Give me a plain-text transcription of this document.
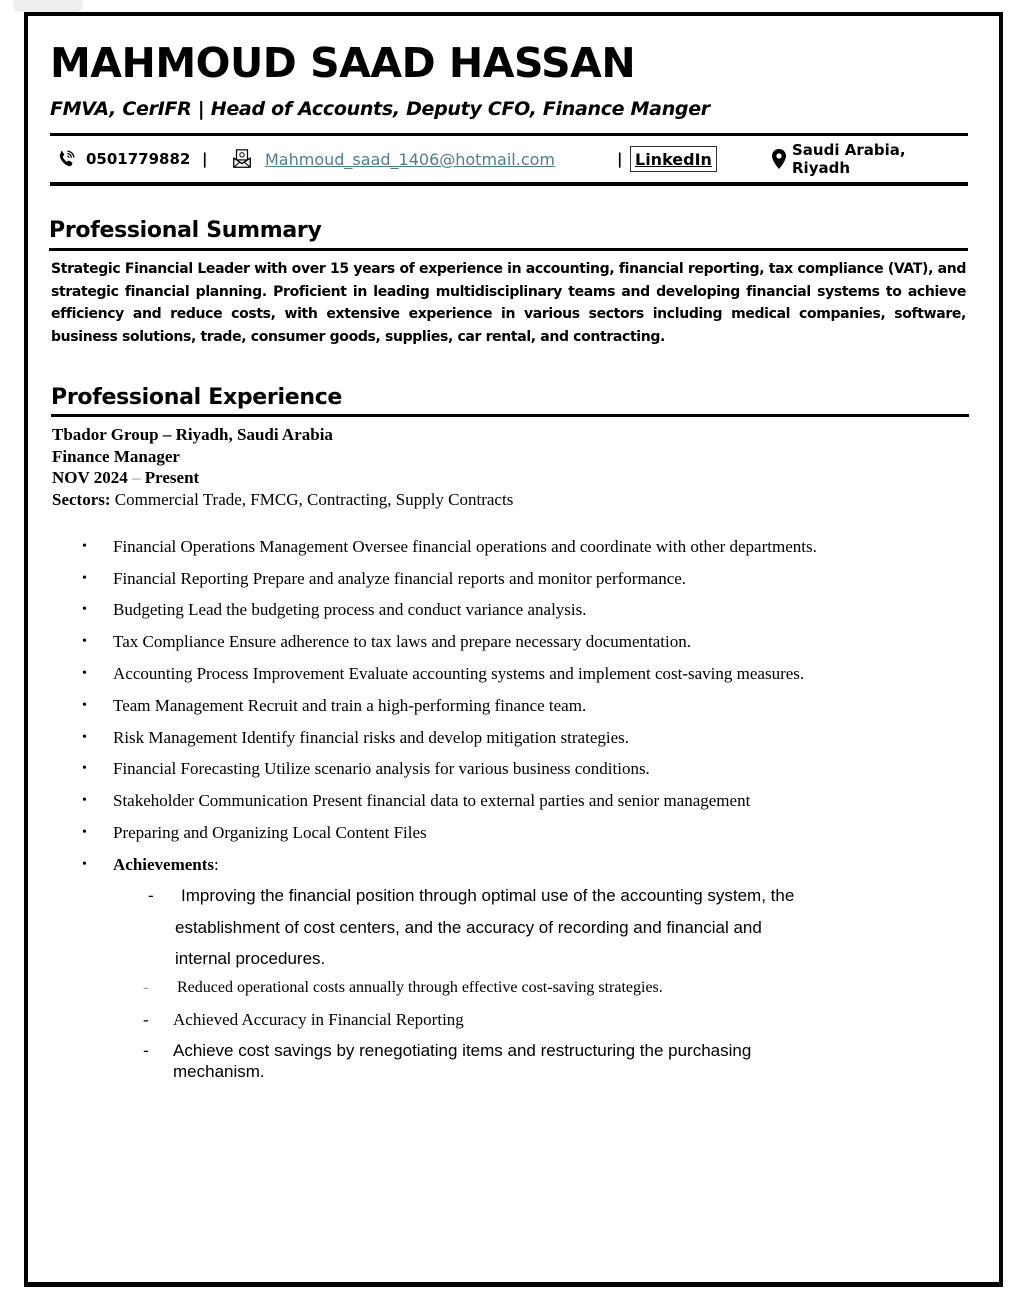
MAHMOUD SAAD HASSAN
FMVA, CerIFR | Head of Accounts, Deputy CFO, Finance Manger
0501779882 |	Mahmoud_saad_1406@hotmail.com	| LinkedIn	Saudi Arabia, Riyadh
Professional Summary
Strategic Financial Leader with over 15 years of experience in accounting, financial reporting, tax compliance (VAT), and strategic financial planning. Proficient in leading multidisciplinary teams and developing financial systems to achieve efficiency and reduce costs, with extensive experience in various sectors including medical companies, software, business solutions, trade, consumer goods, supplies, car rental, and contracting.
Professional Experience
Tbador Group – Riyadh, Saudi Arabia
Finance Manager
NOV 2024 – Present
Sectors: Commercial Trade, FMCG, Contracting, Supply Contracts
•	Financial Operations Management Oversee financial operations and coordinate with other departments.
•	Financial Reporting Prepare and analyze financial reports and monitor performance.
•	Budgeting Lead the budgeting process and conduct variance analysis.
•	Tax Compliance Ensure adherence to tax laws and prepare necessary documentation.
•	Accounting Process Improvement Evaluate accounting systems and implement cost-saving measures.
•	Team Management Recruit and train a high-performing finance team.
•	Risk Management Identify financial risks and develop mitigation strategies.
•	Financial Forecasting Utilize scenario analysis for various business conditions.
•	Stakeholder Communication Present financial data to external parties and senior management
•	Preparing and Organizing Local Content Files
•	Achievements :
-	Improving the financial position through optimal use of the accounting system, the
establishment of cost centers, and the accuracy of recording and financial and
internal procedures.
- Reduced operational costs annually through effective cost-saving strategies.
- Achieved Accuracy in Financial Reporting
- Achieve cost savings by renegotiating items and restructuring the purchasing
mechanism.
